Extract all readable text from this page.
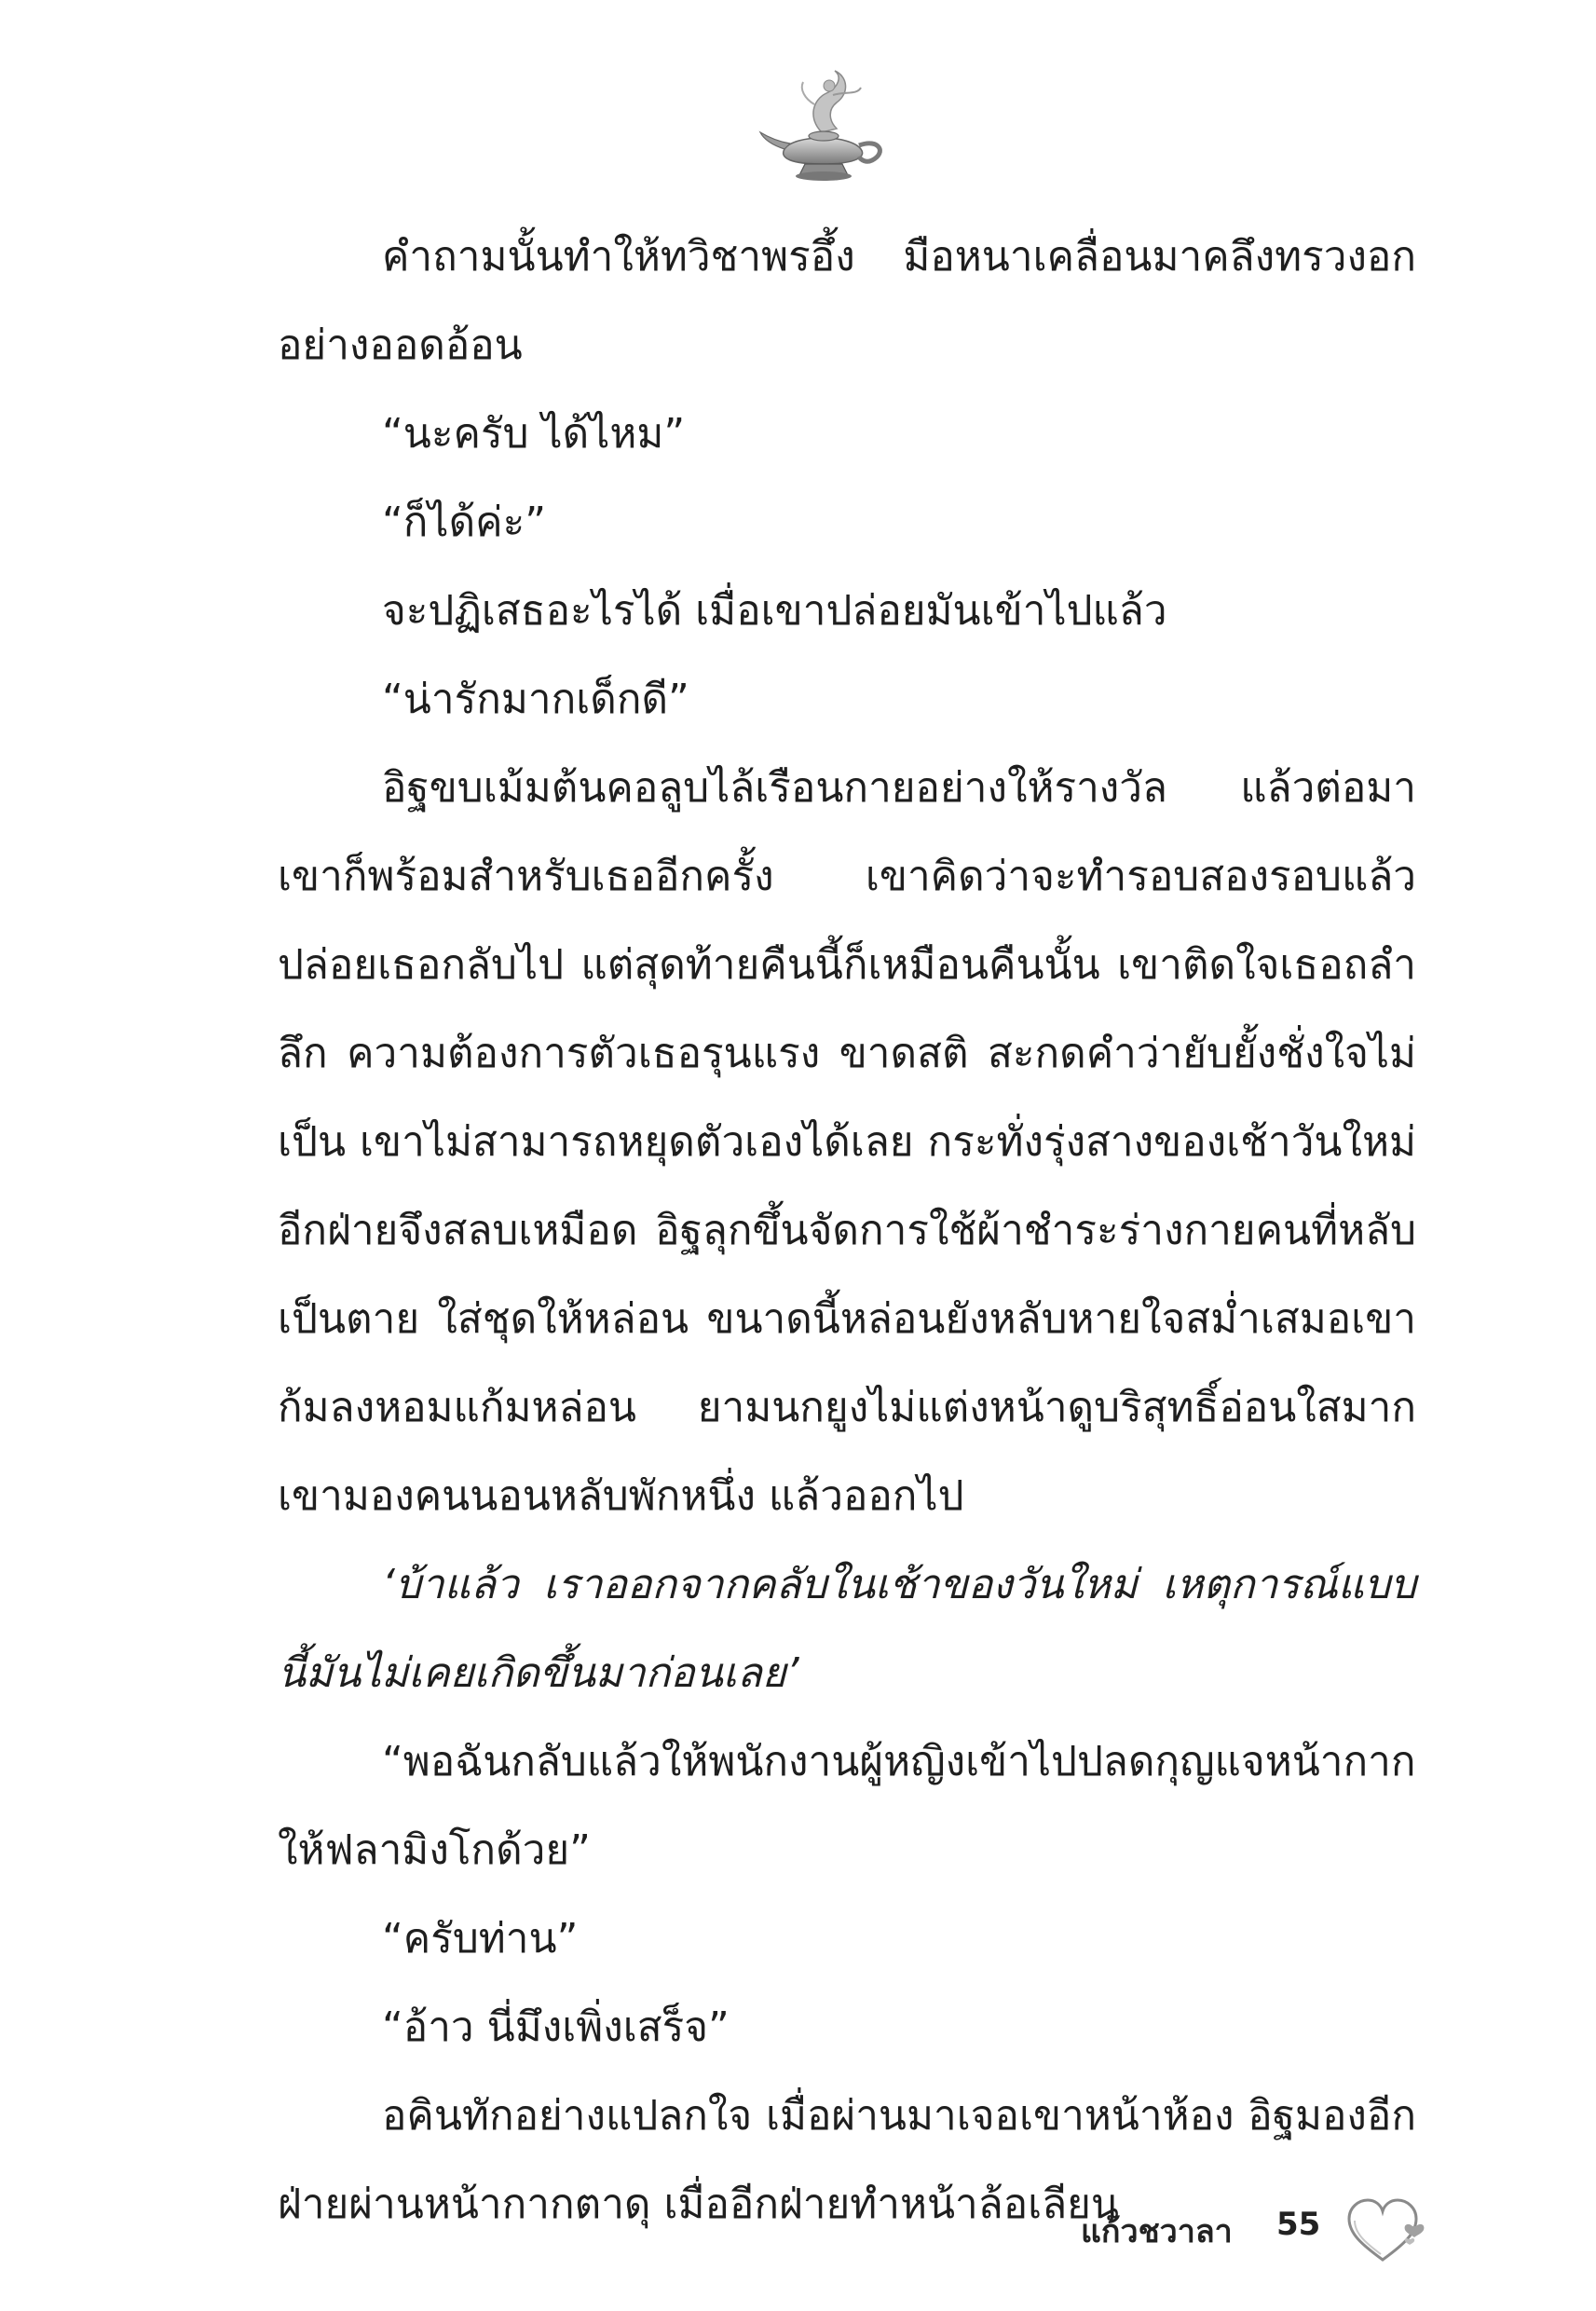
คำถามนั้นทำให้ทวิชาพรอึ้ง มือหนาเคลื่อนมาคลึงทรวงอกอย่างออดอ้อน

“นะครับ ได้ไหม”

“ก็ได้ค่ะ”

จะปฏิเสธอะไรได้ เมื่อเขาปล่อยมันเข้าไปแล้ว

“น่ารักมากเด็กดี”

อิฐขบเม้มต้นคอลูบไล้เรือนกายอย่างให้รางวัล แล้วต่อมาเขาก็พร้อมสำหรับเธออีกครั้ง เขาคิดว่าจะทำรอบสองรอบแล้วปล่อยเธอกลับไป แต่สุดท้ายคืนนี้ก็เหมือนคืนนั้น เขาติดใจเธอถลำลึก ความต้องการตัวเธอรุนแรง ขาดสติ สะกดคำว่ายับยั้งชั่งใจไม่เป็น เขาไม่สามารถหยุดตัวเองได้เลย กระทั่งรุ่งสางของเช้าวันใหม่อีกฝ่ายจึงสลบเหมือด อิฐลุกขึ้นจัดการใช้ผ้าชำระร่างกายคนที่หลับเป็นตาย ใส่ชุดให้หล่อน ขนาดนี้หล่อนยังหลับหายใจสม่ำเสมอเขาก้มลงหอมแก้มหล่อน ยามนกยูงไม่แต่งหน้าดูบริสุทธิ์อ่อนใสมากเขามองคนนอนหลับพักหนึ่ง แล้วออกไป

‘บ้าแล้ว เราออกจากคลับในเช้าของวันใหม่ เหตุการณ์แบบนี้มันไม่เคยเกิดขึ้นมาก่อนเลย’

“พอฉันกลับแล้วให้พนักงานผู้หญิงเข้าไปปลดกุญแจหน้ากากให้ฟลามิงโกด้วย”

“ครับท่าน”

“อ้าว นี่มึงเพิ่งเสร็จ”

อคินทักอย่างแปลกใจ เมื่อผ่านมาเจอเขาหน้าห้อง อิฐมองอีกฝ่ายผ่านหน้ากากตาดุ เมื่ออีกฝ่ายทำหน้าล้อเลียน

แก้วชวาลา 55
